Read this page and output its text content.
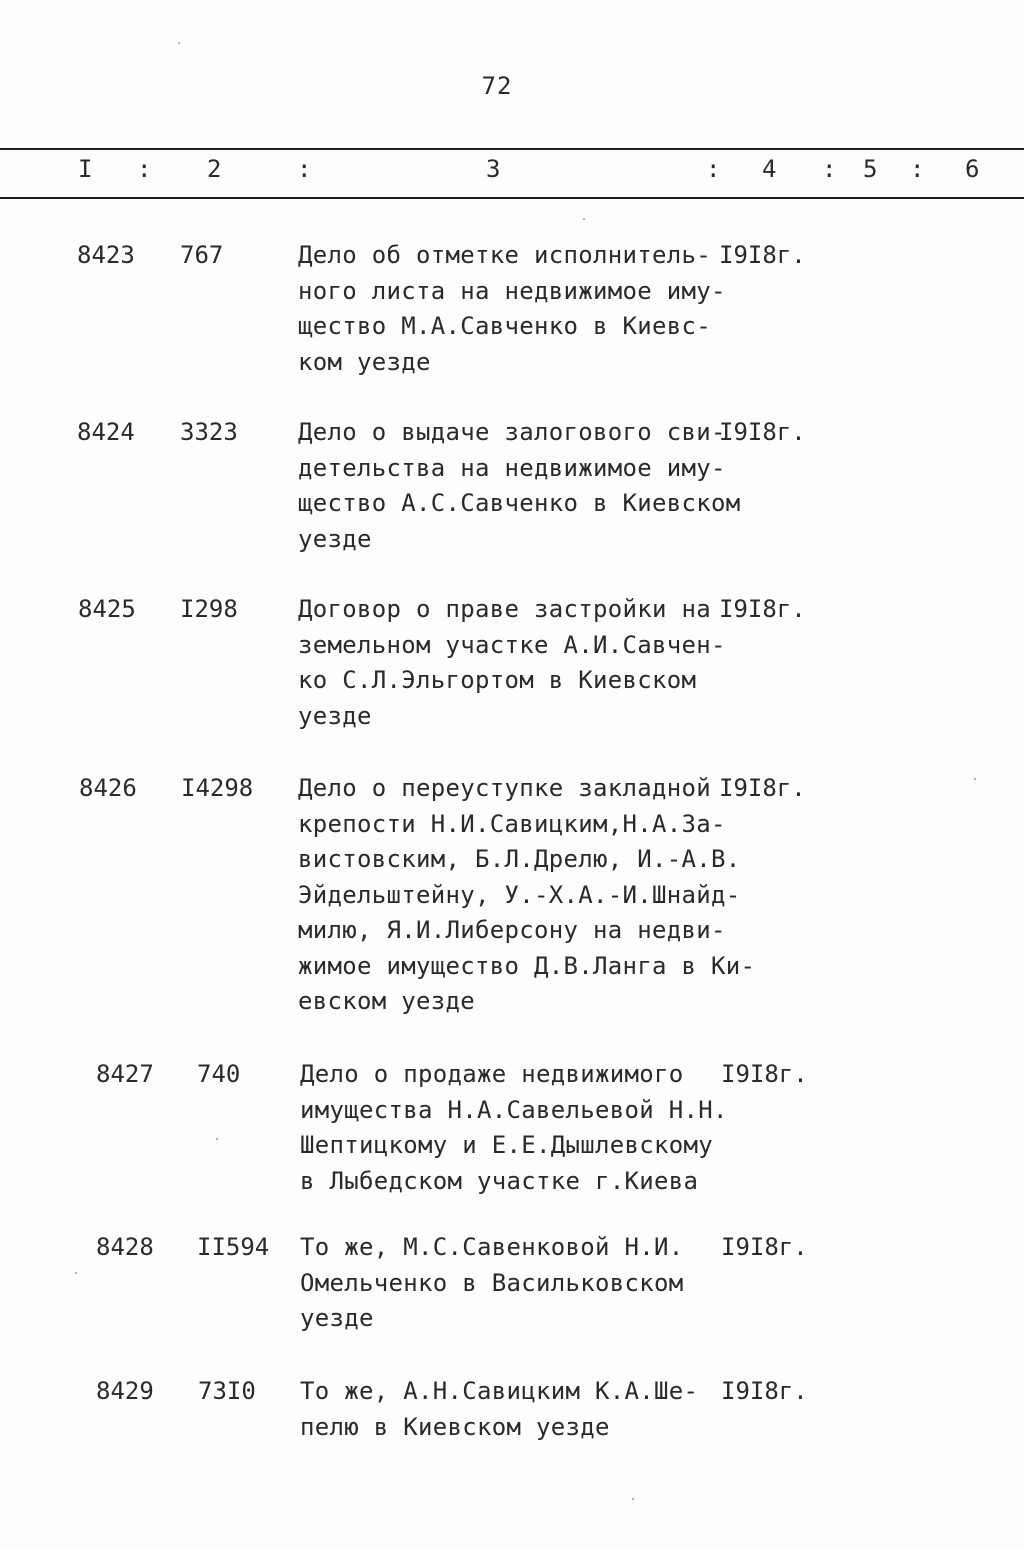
72
I : 2	:	3	: 4 : 5 : 6
8423 767	Дело об отметке исполнитель-
ного листа на недвижимое иму-
щество М.А.Савченко в Киевс-
ком уезде
I9I8г.
8424 3323	Дело о выдаче залогового сви-
детельства на недвижимое иму-
щество А.С.Савченко в Киевском
уезде
I9I8г.
8425 I298	Договор о праве застройки на
земельном участке А.И.Савчен-
ко С.Л.Эльгортом в Киевском
уезде
I9I8г.
8426 I4298 Дело о переуступке закладной
крепости Н.И.Савицким,Н.А.За-
вистовским, Б.Л.Дрелю, И.-А.В.
Эйдельштейну, У.-Х.А.-И.Шнайд-
милю, Я.И.Либерсону на недви-
жимое имущество Д.В.Ланга в Ки-
евском уезде
I9I8г.
8427 740 Дело о продаже недвижимого
имущества Н.А.Савельевой Н.Н.
Шептицкому и Е.Е.Дышлевскому
в Лыбедском участке г.Киева
I9I8г.
8428 II594 То же, М.С.Савенковой Н.И.
Омельченко в Васильковском
уезде
I9I8г.
8429 73I0 То же, А.Н.Савицким К.А.Ше-
пелю в Киевском уезде
I9I8г.
